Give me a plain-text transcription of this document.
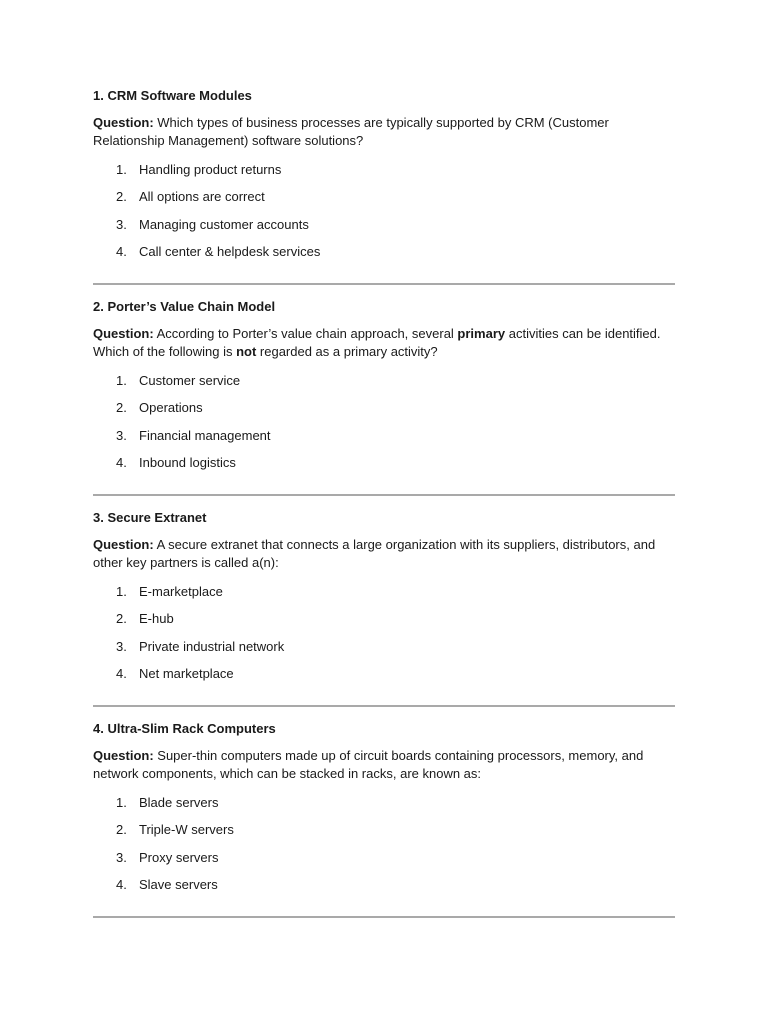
1. CRM Software Modules
Question: Which types of business processes are typically supported by CRM (Customer Relationship Management) software solutions?
1. Handling product returns
2. All options are correct
3. Managing customer accounts
4. Call center & helpdesk services
2. Porter’s Value Chain Model
Question: According to Porter’s value chain approach, several primary activities can be identified. Which of the following is not regarded as a primary activity?
1. Customer service
2. Operations
3. Financial management
4. Inbound logistics
3. Secure Extranet
Question: A secure extranet that connects a large organization with its suppliers, distributors, and other key partners is called a(n):
1. E-marketplace
2. E-hub
3. Private industrial network
4. Net marketplace
4. Ultra-Slim Rack Computers
Question: Super-thin computers made up of circuit boards containing processors, memory, and network components, which can be stacked in racks, are known as:
1. Blade servers
2. Triple-W servers
3. Proxy servers
4. Slave servers
